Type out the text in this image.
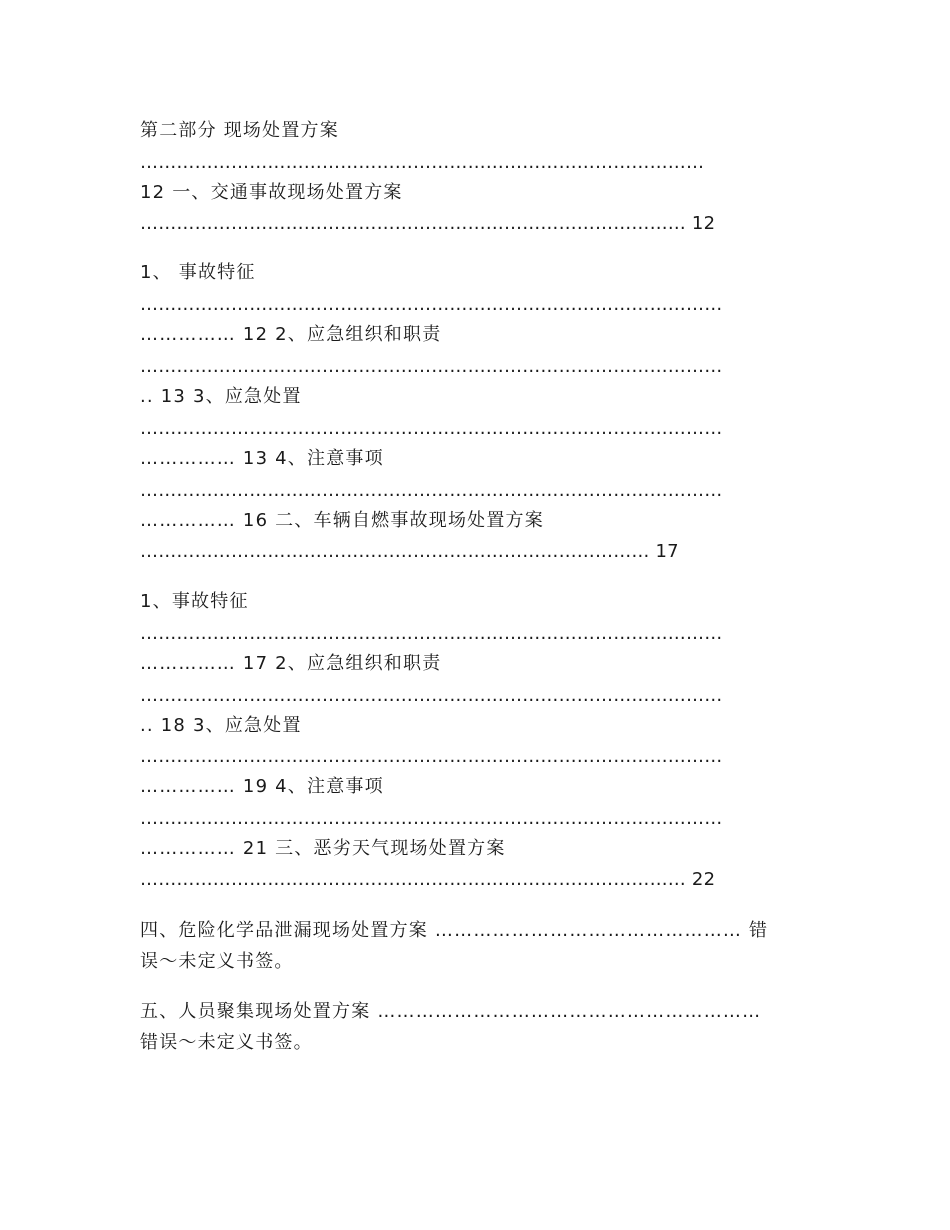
第二部分 现场处置方案
…………………………………………………………………………………
12 一、交通事故现场处置方案
……………………………………………………………………………… 12
1、 事故特征
……………………………………………………………………………………
…………… 12 2、应急组织和职责
……………………………………………………………………………………
.. 13 3、应急处置
……………………………………………………………………………………
…………… 13 4、注意事项
……………………………………………………………………………………
…………… 16 二、车辆自燃事故现场处置方案
………………………………………………………………………… 17
1、事故特征
……………………………………………………………………………………
…………… 17 2、应急组织和职责
……………………………………………………………………………………
.. 18 3、应急处置
……………………………………………………………………………………
…………… 19 4、注意事项
……………………………………………………………………………………
…………… 21 三、恶劣天气现场处置方案
……………………………………………………………………………… 22
四、危险化学品泄漏现场处置方案 ………………………………………… 错
误～未定义书签。
五、人员聚集现场处置方案 ……………………………………………………
错误～未定义书签。
